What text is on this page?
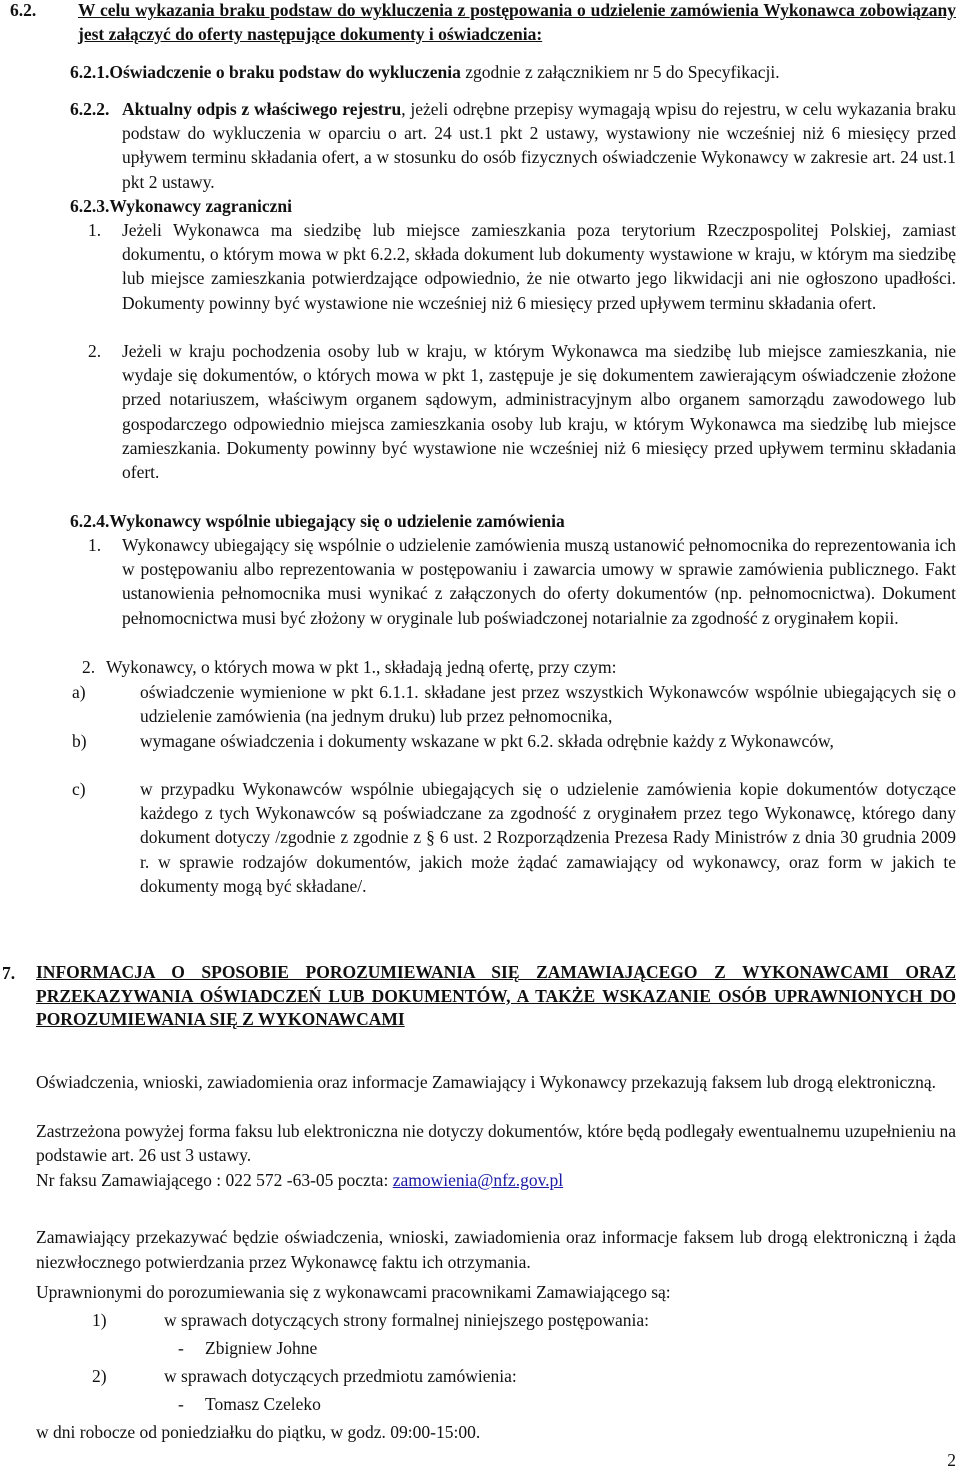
6.2.	W celu wykazania braku podstaw do wykluczenia z postępowania o udzielenie zamówienia Wykonawca zobowiązany jest załączyć do oferty następujące dokumenty i oświadczenia:
6.2.1.Oświadczenie o braku podstaw do wykluczenia zgodnie z załącznikiem nr 5 do Specyfikacji.
6.2.2. Aktualny odpis z właściwego rejestru, jeżeli odrębne przepisy wymagają wpisu do rejestru, w celu wykazania braku podstaw do wykluczenia w oparciu o art. 24 ust.1 pkt 2 ustawy, wystawiony nie wcześniej niż 6 miesięcy przed upływem terminu składania ofert, a w stosunku do osób fizycznych oświadczenie Wykonawcy w zakresie art. 24 ust.1 pkt 2 ustawy.
6.2.3.Wykonawcy zagraniczni
1. Jeżeli Wykonawca ma siedzibę lub miejsce zamieszkania poza terytorium Rzeczpospolitej Polskiej, zamiast dokumentu, o którym mowa w pkt 6.2.2, składa dokument lub dokumenty wystawione w kraju, w którym ma siedzibę lub miejsce zamieszkania potwierdzające odpowiednio, że nie otwarto jego likwidacji ani nie ogłoszono upadłości. Dokumenty powinny być wystawione nie wcześniej niż 6 miesięcy przed upływem terminu składania ofert.
2. Jeżeli w kraju pochodzenia osoby lub w kraju, w którym Wykonawca ma siedzibę lub miejsce zamieszkania, nie wydaje się dokumentów, o których mowa w pkt 1, zastępuje je się dokumentem zawierającym oświadczenie złożone przed notariuszem, właściwym organem sądowym, administracyjnym albo organem samorządu zawodowego lub gospodarczego odpowiednio miejsca zamieszkania osoby lub kraju, w którym Wykonawca ma siedzibę lub miejsce zamieszkania. Dokumenty powinny być wystawione nie wcześniej niż 6 miesięcy przed upływem terminu składania ofert.
6.2.4.Wykonawcy wspólnie ubiegający się o udzielenie zamówienia
1. Wykonawcy ubiegający się wspólnie o udzielenie zamówienia muszą ustanowić pełnomocnika do reprezentowania ich w postępowaniu albo reprezentowania w postępowaniu i zawarcia umowy w sprawie zamówienia publicznego. Fakt ustanowienia pełnomocnika musi wynikać z załączonych do oferty dokumentów (np. pełnomocnictwa). Dokument pełnomocnictwa musi być złożony w oryginale lub poświadczonej notarialnie za zgodność z oryginałem kopii.
2. Wykonawcy, o których mowa w pkt 1., składają jedną ofertę, przy czym:
a)	oświadczenie wymienione w pkt 6.1.1. składane jest przez wszystkich Wykonawców wspólnie ubiegających się o udzielenie zamówienia (na jednym druku) lub przez pełnomocnika,
b)	wymagane oświadczenia i dokumenty wskazane w pkt 6.2. składa odrębnie każdy z Wykonawców,
c)	w przypadku Wykonawców wspólnie ubiegających się o udzielenie zamówienia kopie dokumentów dotyczące każdego z tych Wykonawców są poświadczane za zgodność z oryginałem przez tego Wykonawcę, którego dany dokument dotyczy /zgodnie z zgodnie z § 6 ust. 2 Rozporządzenia Prezesa Rady Ministrów z dnia 30 grudnia 2009 r. w sprawie rodzajów dokumentów, jakich może żądać zamawiający od wykonawcy, oraz form w jakich te dokumenty mogą być składane/.
7. INFORMACJA O SPOSOBIE POROZUMIEWANIA SIĘ ZAMAWIAJĄCEGO Z WYKONAWCAMI ORAZ PRZEKAZYWANIA OŚWIADCZEŃ LUB DOKUMENTÓW, A TAKŻE WSKAZANIE OSÓB UPRAWNIONYCH DO POROZUMIEWANIA SIĘ Z WYKONAWCAMI
Oświadczenia, wnioski, zawiadomienia oraz informacje Zamawiający i Wykonawcy przekazują faksem lub drogą elektroniczną.
Zastrzeżona powyżej forma faksu lub elektroniczna nie dotyczy dokumentów, które będą podlegały ewentualnemu uzupełnieniu na podstawie art. 26 ust 3 ustawy.
Nr faksu Zamawiającego : 022 572 -63-05 poczta: zamowienia@nfz.gov.pl
Zamawiający przekazywać będzie oświadczenia, wnioski, zawiadomienia oraz informacje faksem lub drogą elektroniczną i żąda niezwłocznego potwierdzania przez Wykonawcę faktu ich otrzymania.
Uprawnionymi do porozumiewania się z wykonawcami pracownikami Zamawiającego są:
1)	w sprawach dotyczących strony formalnej niniejszego postępowania:
- Zbigniew Johne
2)	w sprawach dotyczących przedmiotu zamówienia:
- Tomasz Czeleko
w dni robocze od poniedziałku do piątku, w godz. 09:00-15:00.
2
